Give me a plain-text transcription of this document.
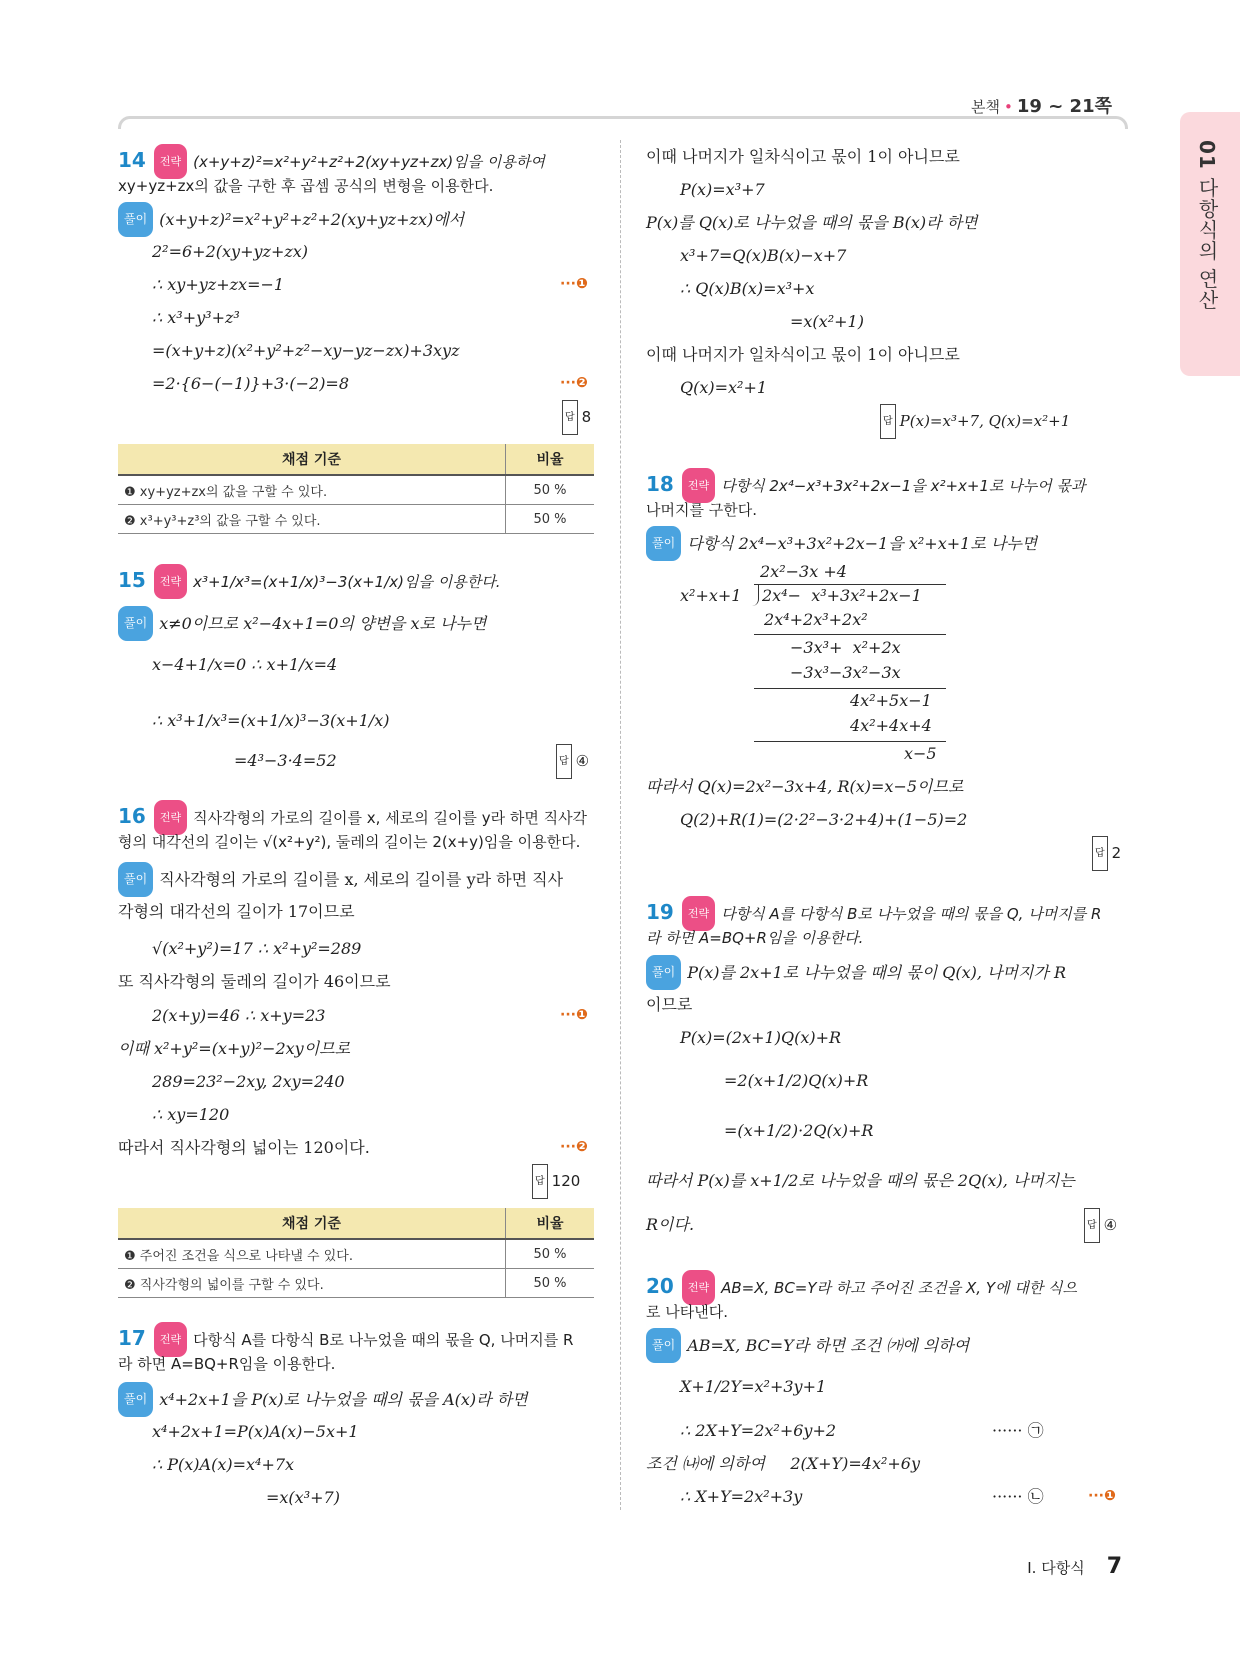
본책 • 19 ~ 21쪽
01 다항식의 연산
14 전략 (x+y+z)²=x²+y²+z²+2(xy+yz+zx)임을 이용하여
xy+yz+zx의 값을 구한 후 곱셈 공식의 변형을 이용한다.
풀이 (x+y+z)²=x²+y²+z²+2(xy+yz+zx)에서
2²=6+2(xy+yz+zx)
∴ xy+yz+zx=−1	···❶
∴ x³+y³+z³
=(x+y+z)(x²+y²+z²−xy−yz−zx)+3xyz
=2·{6−(−1)}+3·(−2)=8	···❷
답 8
채점 기준	비율
❶ xy+yz+zx의 값을 구할 수 있다.	50 %
❷ x³+y³+z³의 값을 구할 수 있다.	50 %
15 전략 x³+1/x³=(x+1/x)³−3(x+1/x)임을 이용한다.
풀이 x≠0이므로 x²−4x+1=0의 양변을 x로 나누면
x−4+1/x=0 ∴ x+1/x=4
∴ x³+1/x³=(x+1/x)³−3(x+1/x)
=4³−3·4=52	답 ④
16 전략 직사각형의 가로의 길이를 x, 세로의 길이를 y라 하면 직사각
형의 대각선의 길이는 √(x²+y²), 둘레의 길이는 2(x+y)임을 이용한다.
풀이 직사각형의 가로의 길이를 x, 세로의 길이를 y라 하면 직사
각형의 대각선의 길이가 17이므로
√(x²+y²)=17 ∴ x²+y²=289
또 직사각형의 둘레의 길이가 46이므로
2(x+y)=46 ∴ x+y=23	···❶
이때 x²+y²=(x+y)²−2xy이므로
289=23²−2xy, 2xy=240
∴ xy=120
따라서 직사각형의 넓이는 120이다.	···❷
답 120
채점 기준	비율
❶ 주어진 조건을 식으로 나타낼 수 있다.	50 %
❷ 직사각형의 넓이를 구할 수 있다.	50 %
17 전략 다항식 A를 다항식 B로 나누었을 때의 몫을 Q, 나머지를 R
라 하면 A=BQ+R임을 이용한다.
풀이 x⁴+2x+1을 P(x)로 나누었을 때의 몫을 A(x)라 하면
x⁴+2x+1=P(x)A(x)−5x+1
∴ P(x)A(x)=x⁴+7x
=x(x³+7)
이때 나머지가 일차식이고 몫이 1이 아니므로
P(x)=x³+7
P(x)를 Q(x)로 나누었을 때의 몫을 B(x)라 하면
x³+7=Q(x)B(x)−x+7
∴ Q(x)B(x)=x³+x
=x(x²+1)
이때 나머지가 일차식이고 몫이 1이 아니므로
Q(x)=x²+1
답 P(x)=x³+7, Q(x)=x²+1
18 전략 다항식 2x⁴−x³+3x²+2x−1을 x²+x+1로 나누어 몫과
나머지를 구한다.
풀이 다항식 2x⁴−x³+3x²+2x−1을 x²+x+1로 나누면
2x²−3x +4
x²+x+1 2x⁴−  x³+3x²+2x−1
2x⁴+2x³+2x²
−3x³+  x²+2x
−3x³−3x²−3x
4x²+5x−1
4x²+4x+4
x−5
따라서 Q(x)=2x²−3x+4, R(x)=x−5이므로
Q(2)+R(1)=(2·2²−3·2+4)+(1−5)=2
답 2
19 전략 다항식 A를 다항식 B로 나누었을 때의 몫을 Q, 나머지를 R
라 하면 A=BQ+R임을 이용한다.
풀이 P(x)를 2x+1로 나누었을 때의 몫이 Q(x), 나머지가 R
이므로
P(x)=(2x+1)Q(x)+R
=2(x+1/2)Q(x)+R
=(x+1/2)·2Q(x)+R
따라서 P(x)를 x+1/2로 나누었을 때의 몫은 2Q(x), 나머지는
R이다.	답 ④
20 전략 AB=X, BC=Y라 하고 주어진 조건을 X, Y에 대한 식으
로 나타낸다.
풀이 AB=X, BC=Y라 하면 조건 ㈎에 의하여
X+1/2Y=x²+3y+1
∴ 2X+Y=2x²+6y+2	······ ㉠
조건 ㈏에 의하여     2(X+Y)=4x²+6y
∴ X+Y=2x²+3y	······ ㉡	···❶
Ⅰ. 다항식 7
